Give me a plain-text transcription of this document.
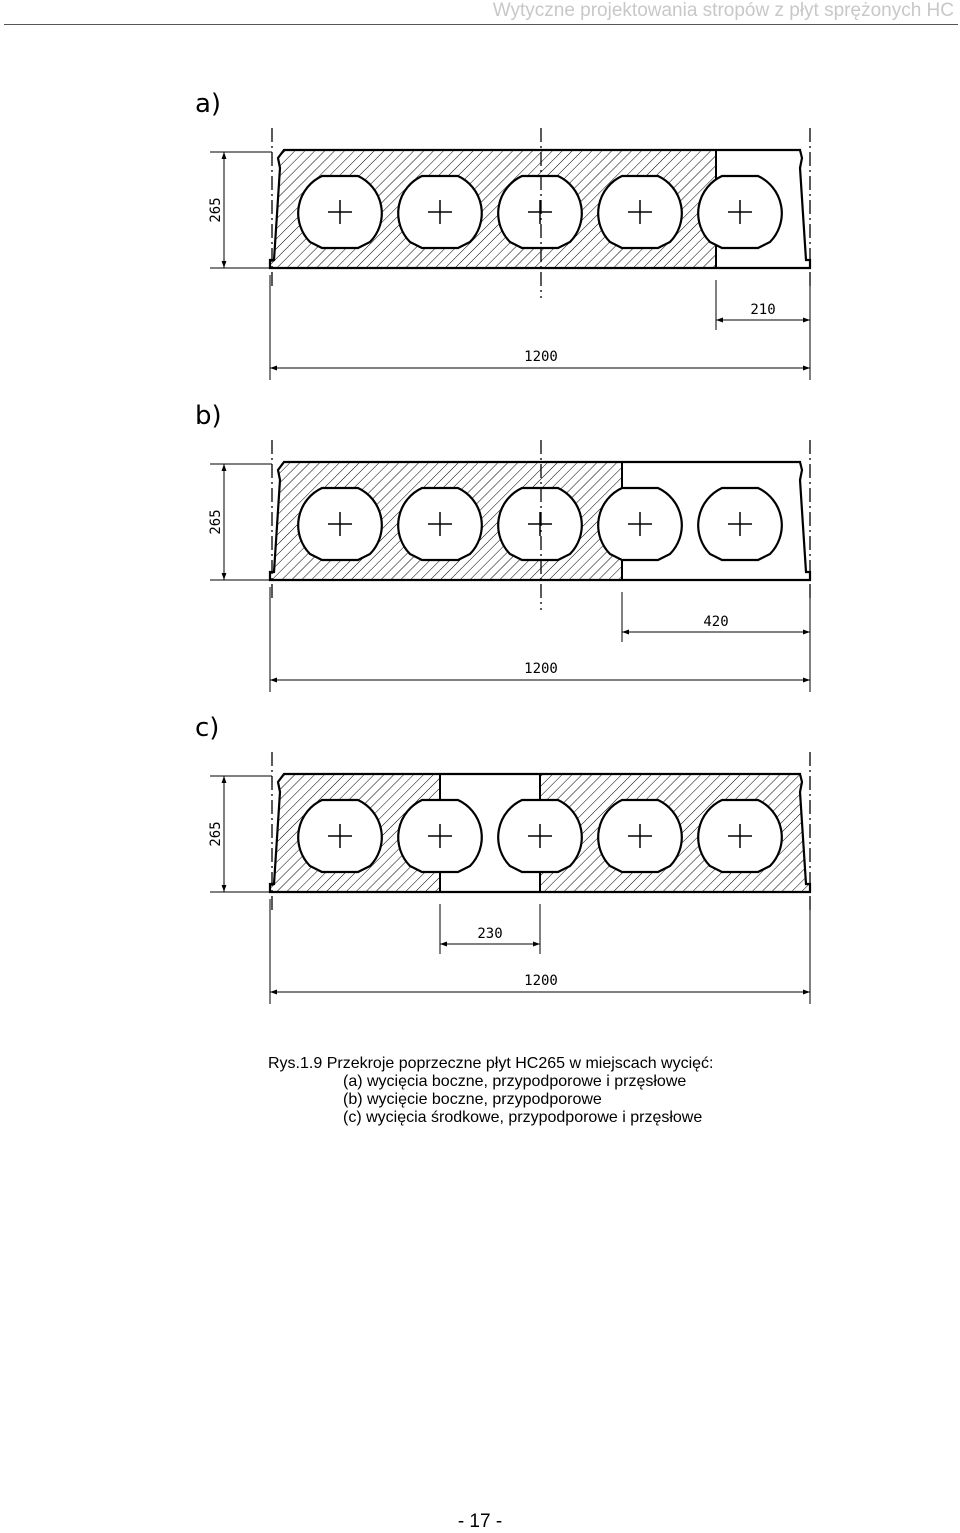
Wytyczne projektowania stropów z płyt sprężonych HC
a)
265
1200
210
b)
265
1200
420
c)
265
1200
230
Rys.1.9 Przekroje poprzeczne płyt HC265 w miejscach wycięć:
(a) wycięcia boczne, przypodporowe i przęsłowe
(b) wycięcie boczne, przypodporowe
(c) wycięcia środkowe, przypodporowe i przęsłowe
- 17 -
